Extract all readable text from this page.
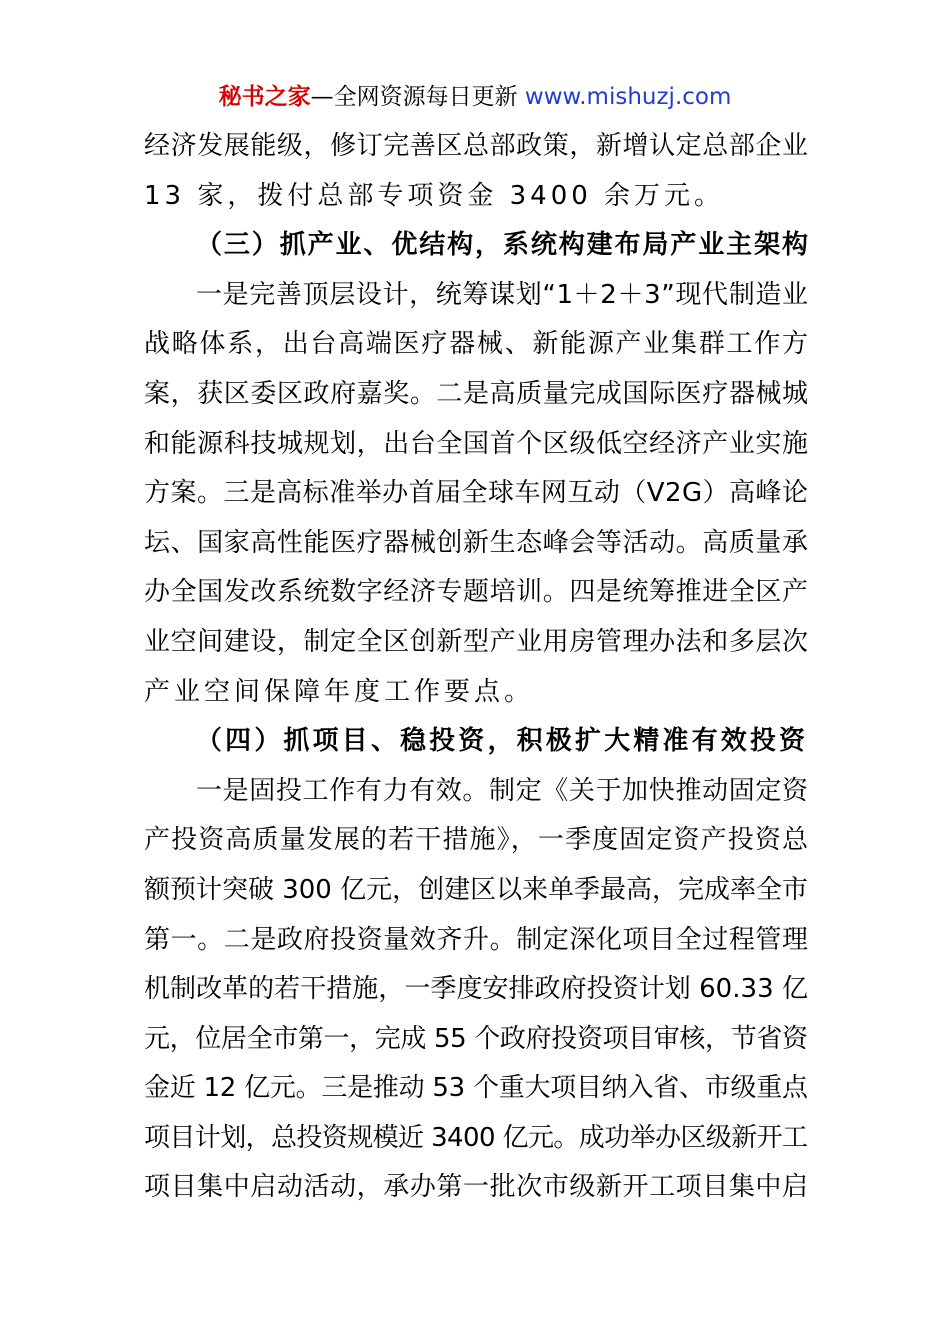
秘书之家—全网资源每日更新 www.mishuzj.com
经济发展能级，修订完善区总部政策，新增认定总部企业
13 家，拨付总部专项资金 3400 余万元。
（三）抓产业、优结构，系统构建布局产业主架构
一是完善顶层设计，统筹谋划“1＋2＋3”现代制造业
战略体系，出台高端医疗器械、新能源产业集群工作方
案，获区委区政府嘉奖。二是高质量完成国际医疗器械城
和能源科技城规划，出台全国首个区级低空经济产业实施
方案。三是高标准举办首届全球车网互动（V2G）高峰论
坛、国家高性能医疗器械创新生态峰会等活动。高质量承
办全国发改系统数字经济专题培训。四是统筹推进全区产
业空间建设，制定全区创新型产业用房管理办法和多层次
产业空间保障年度工作要点。
（四）抓项目、稳投资，积极扩大精准有效投资
一是固投工作有力有效。制定《关于加快推动固定资
产投资高质量发展的若干措施》，一季度固定资产投资总
额预计突破 300 亿元，创建区以来单季最高，完成率全市
第一。二是政府投资量效齐升。制定深化项目全过程管理
机制改革的若干措施，一季度安排政府投资计划 60.33 亿
元，位居全市第一，完成 55 个政府投资项目审核，节省资
金近 12 亿元。三是推动 53 个重大项目纳入省、市级重点
项目计划，总投资规模近 3400 亿元。成功举办区级新开工
项目集中启动活动，承办第一批次市级新开工项目集中启
